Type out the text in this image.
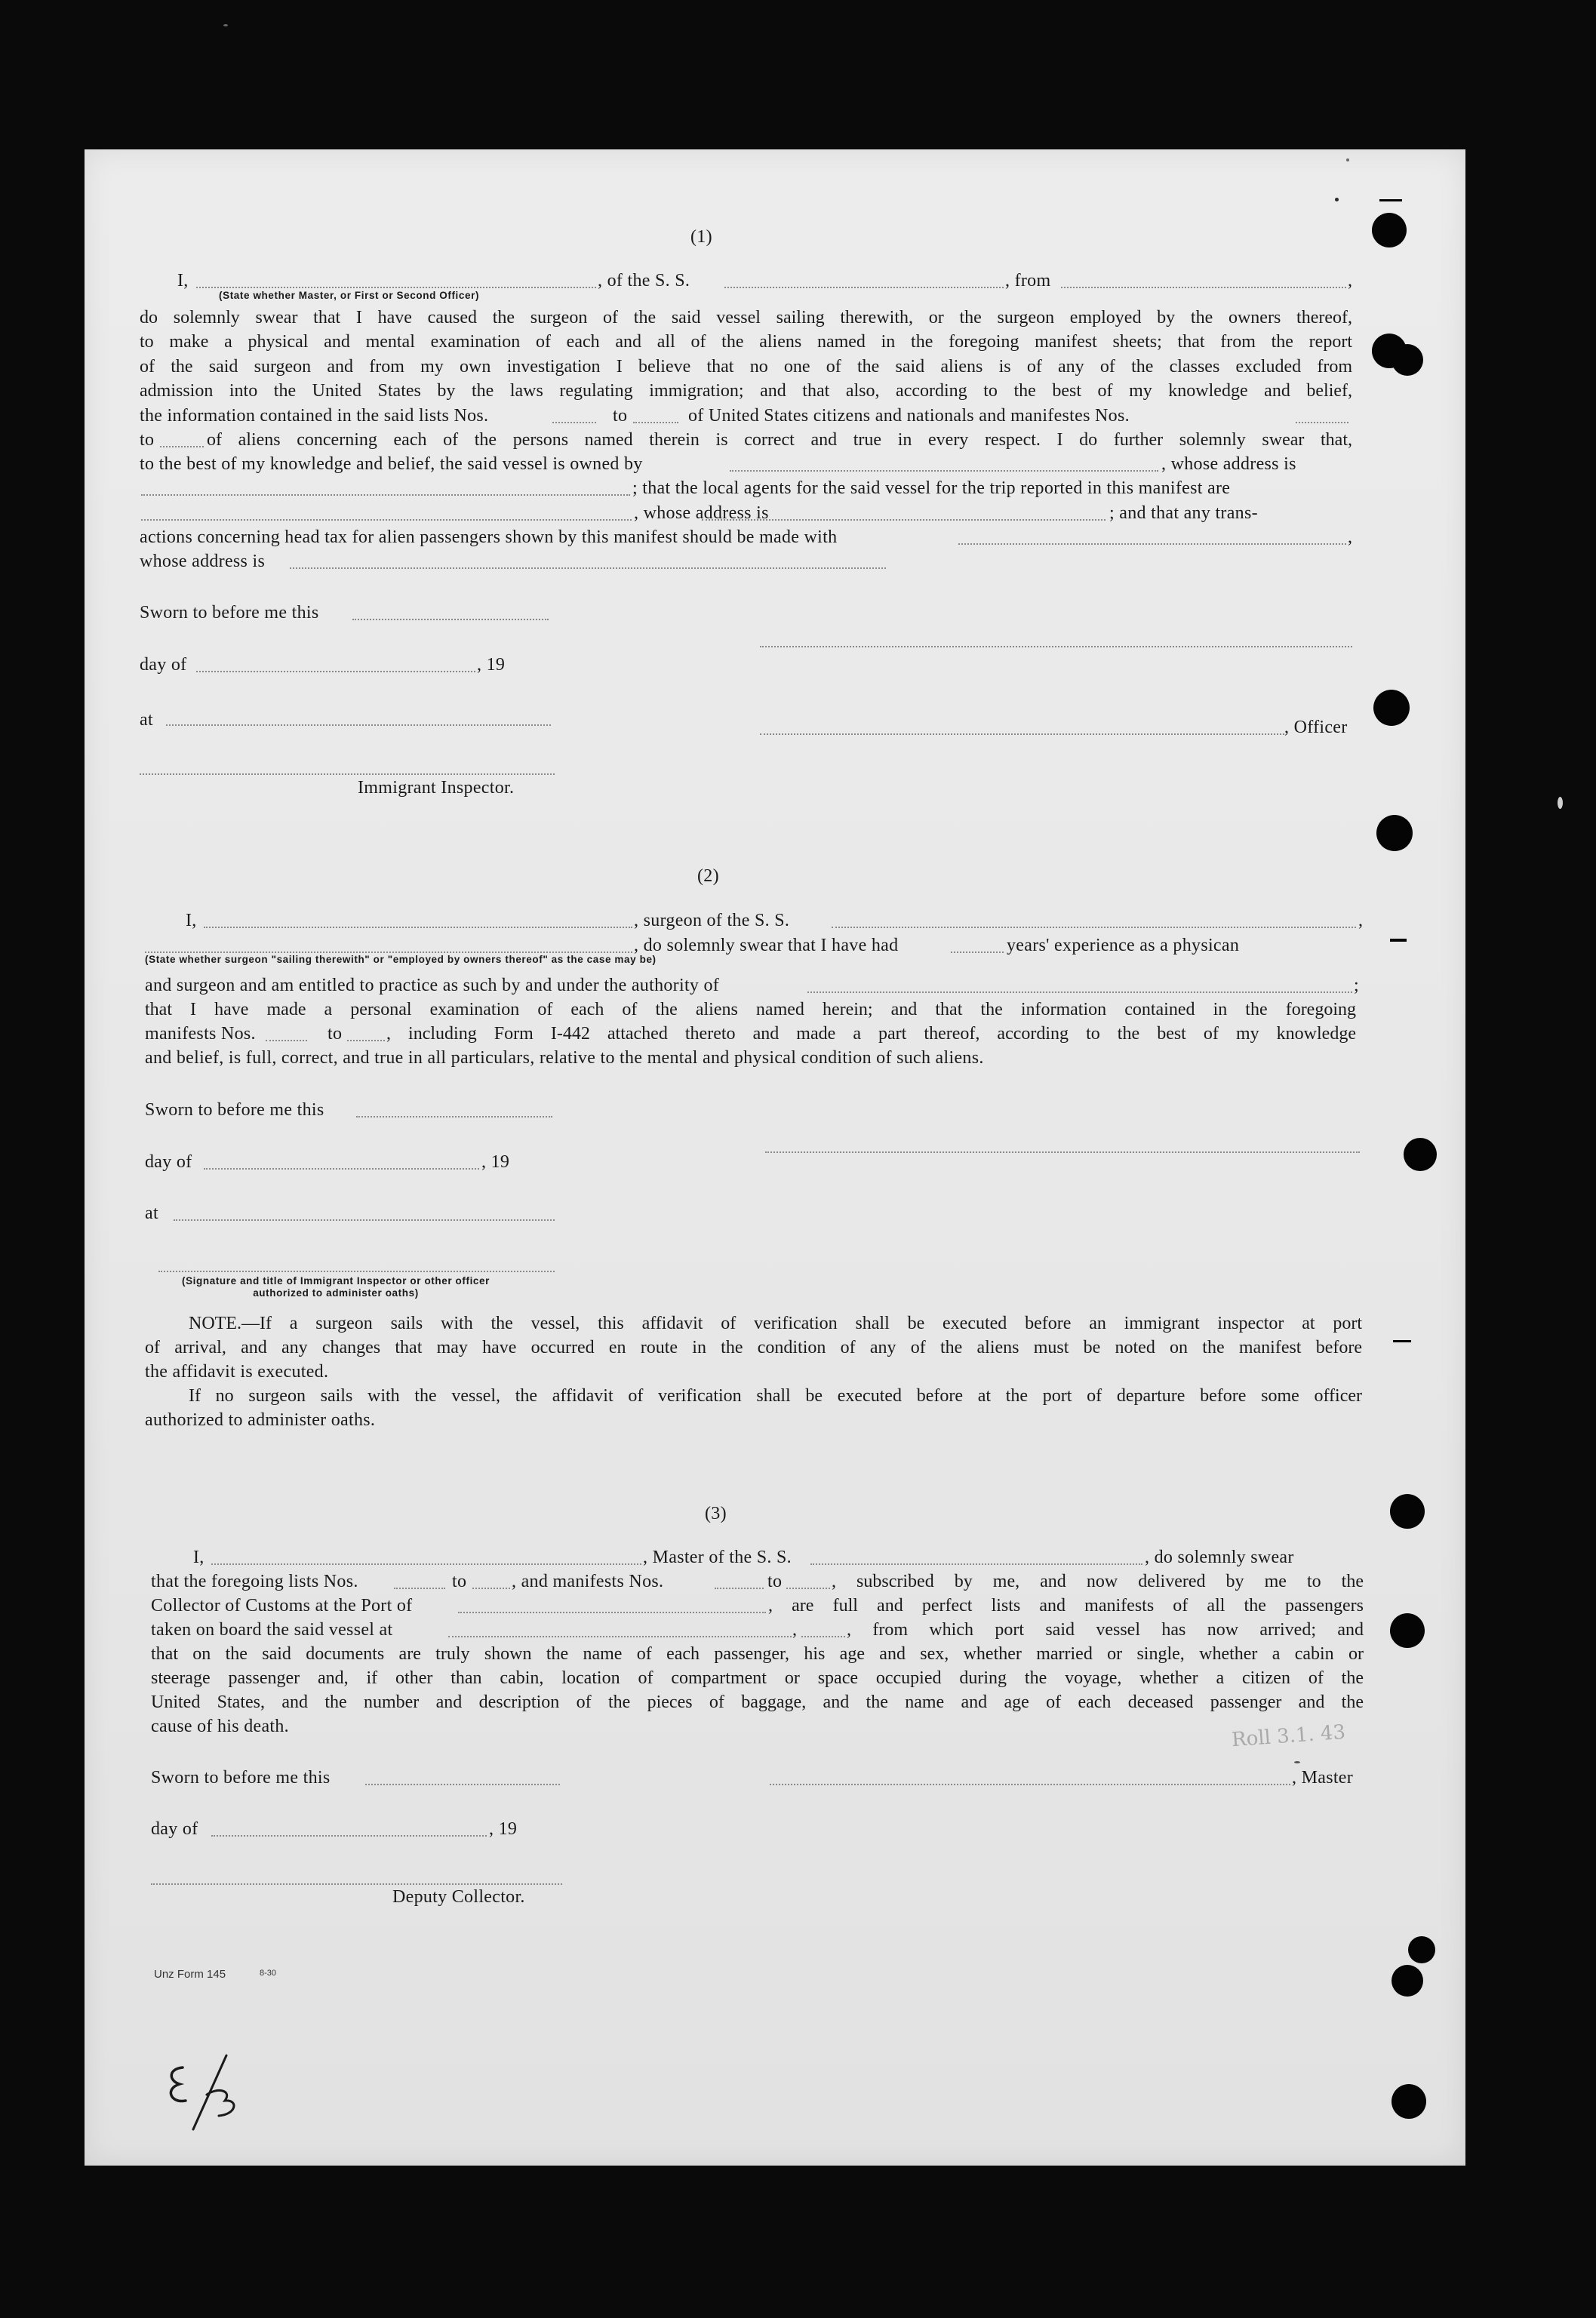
(1)
I,	, of the S. S.	, from	,
(State whether Master, or First or Second Officer)
do solemnly swear that I have caused the surgeon of the said vessel sailing therewith, or the surgeon employed by the owners thereof,
to make a physical and mental examination of each and all of the aliens named in the foregoing manifest sheets; that from the report
of the said surgeon and from my own investigation I believe that no one of the said aliens is of any of the classes excluded from
admission into the United States by the laws regulating immigration; and that also, according to the best of my knowledge and belief,
the information contained in the said lists Nos.	to	of United States citizens and nationals and manifestes Nos.
to	of aliens concerning each of the persons named therein is correct and true in every respect. I do further solemnly swear that,
to the best of my knowledge and belief, the said vessel is owned by	, whose address is
; that the local agents for the said vessel for the trip reported in this manifest are
, whose address is	; and that any trans-
actions concerning head tax for alien passengers shown by this manifest should be made with	,
whose address is
Sworn to before me this
day of	, 19
at	, Officer
Immigrant Inspector.
(2)
I,	, surgeon of the S. S.	,
, do solemnly swear that I have had	years' experience as a physican
(State whether surgeon "sailing therewith" or "employed by owners thereof" as the case may be)
and surgeon and am entitled to practice as such by and under the authority of	;
that I have made a personal examination of each of the aliens named herein; and that the information contained in the foregoing
manifests Nos.	to , including Form I-442 attached thereto and made a part thereof, according to the best of my knowledge
and belief, is full, correct, and true in all particulars, relative to the mental and physical condition of such aliens.
Sworn to before me this
day of	, 19
at
(Signature and title of Immigrant Inspector or other officer authorized to administer oaths)
NOTE.—If a surgeon sails with the vessel, this affidavit of verification shall be executed before an immigrant inspector at port
of arrival, and any changes that may have occurred en route in the condition of any of the aliens must be noted on the manifest before
the affidavit is executed.
If no surgeon sails with the vessel, the affidavit of verification shall be executed before at the port of departure before some officer
authorized to administer oaths.
(3)
I,	, Master of the S. S.	, do solemnly swear
that the foregoing lists Nos.	to , and manifests Nos.	to	, subscribed by me, and now delivered by me to the
Collector of Customs at the Port of	, are full and perfect lists and manifests of all the passengers
taken on board the said vessel at	,	, from which port said vessel has now arrived; and
that on the said documents are truly shown the name of each passenger, his age and sex, whether married or single, whether a cabin or
steerage passenger and, if other than cabin, location of compartment or space occupied during the voyage, whether a citizen of the
United States, and the number and description of the pieces of baggage, and the name and age of each deceased passenger and the
cause of his death.
Sworn to before me this	, Master
day of	, 19
Deputy Collector.
Unz Form 145	8-30
Roll 3.1. 43
